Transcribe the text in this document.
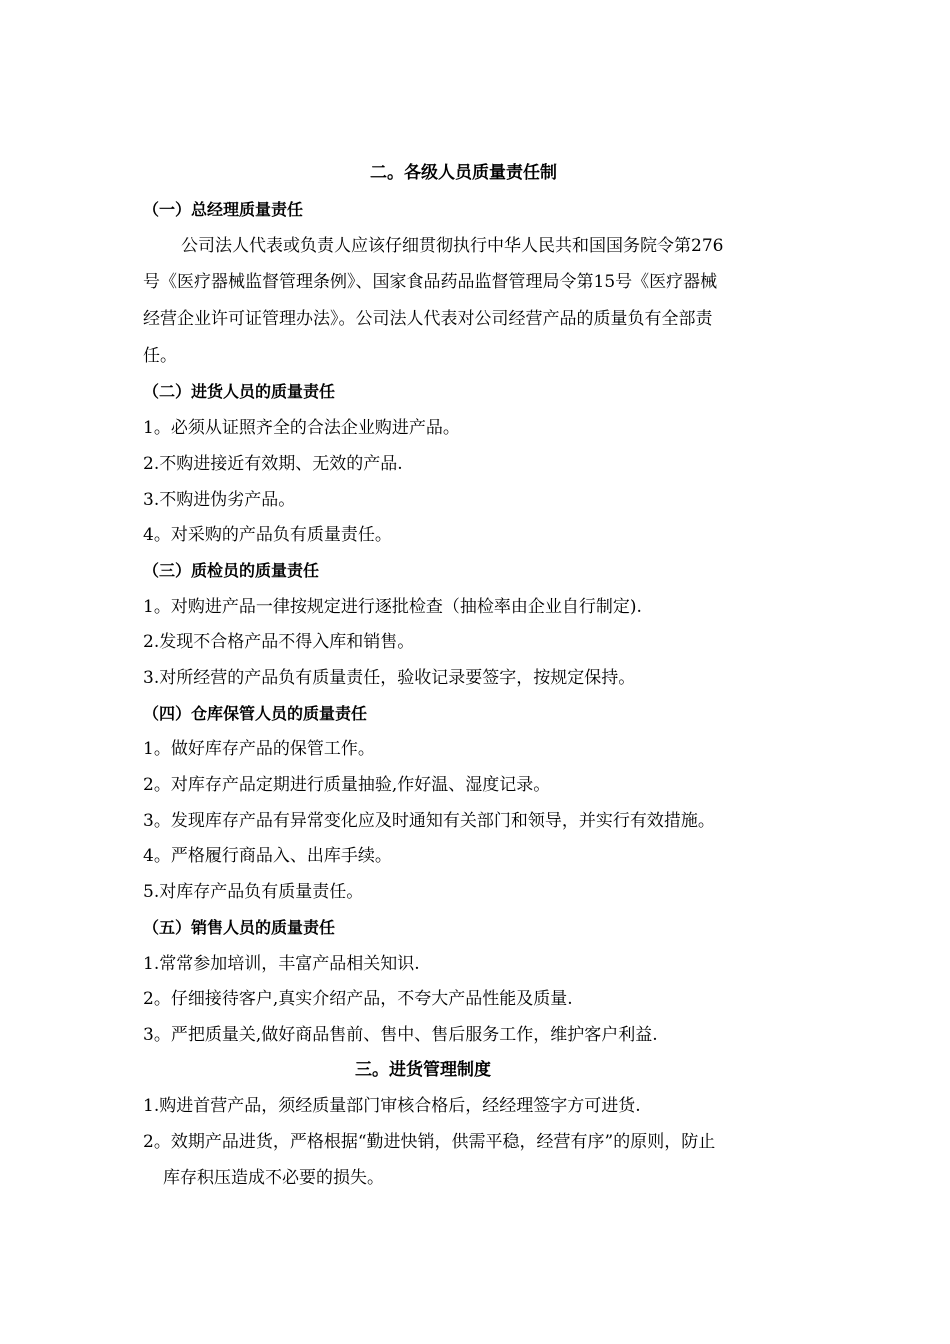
二。各级人员质量责任制
（一）总经理质量责任
公司法人代表或负责人应该仔细贯彻执行中华人民共和国国务院令第276
号《医疗器械监督管理条例》、国家食品药品监督管理局令第15号《医疗器械
经营企业许可证管理办法》。公司法人代表对公司经营产品的质量负有全部责
任。
（二）进货人员的质量责任
1。必须从证照齐全的合法企业购进产品。
2.不购进接近有效期、无效的产品.
3.不购进伪劣产品。
4。对采购的产品负有质量责任。
（三）质检员的质量责任
1。对购进产品一律按规定进行逐批检查（抽检率由企业自行制定).
2.发现不合格产品不得入库和销售。
3.对所经营的产品负有质量责任，验收记录要签字，按规定保持。
（四）仓库保管人员的质量责任
1。做好库存产品的保管工作。
2。对库存产品定期进行质量抽验,作好温、湿度记录。
3。发现库存产品有异常变化应及时通知有关部门和领导，并实行有效措施。
4。严格履行商品入、出库手续。
5.对库存产品负有质量责任。
（五）销售人员的质量责任
1.常常参加培训，丰富产品相关知识.
2。仔细接待客户,真实介绍产品，不夸大产品性能及质量.
3。严把质量关,做好商品售前、售中、售后服务工作，维护客户利益.
三。进货管理制度
1.购进首营产品，须经质量部门审核合格后，经经理签字方可进货.
2。效期产品进货，严格根据“勤进快销，供需平稳，经营有序”的原则，防止
库存积压造成不必要的损失。
